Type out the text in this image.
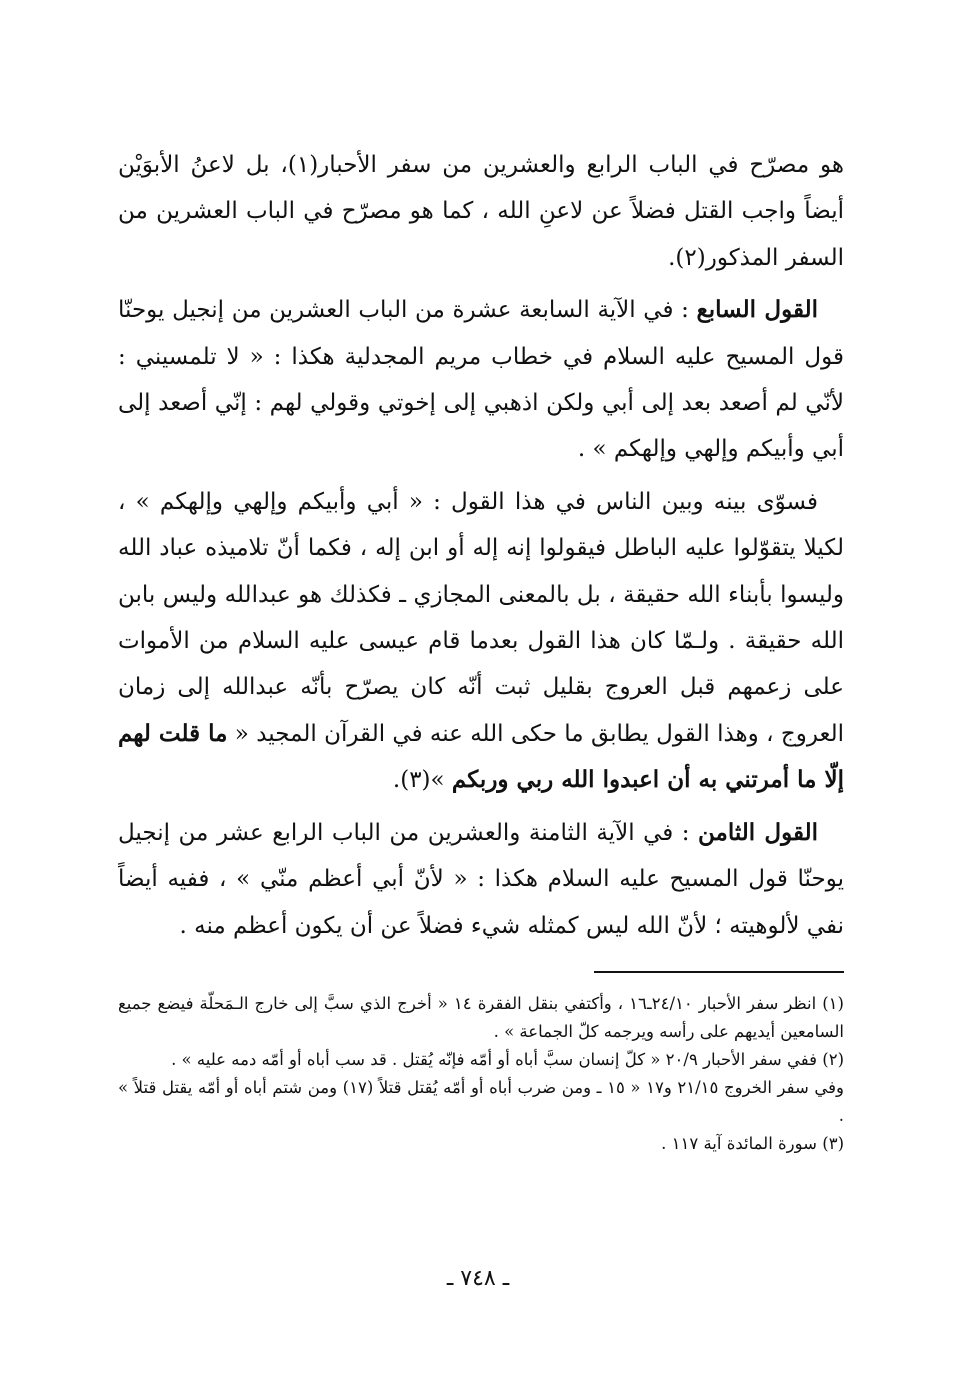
هو مصرّح في الباب الرابع والعشرين من سفر الأحبار(١)، بل لاعنُ الأبوَيْن أيضاً واجب القتل فضلاً عن لاعنِ الله ، كما هو مصرّح في الباب العشرين من السفر المذكور(٢).

القول السابع : في الآية السابعة عشرة من الباب العشرين من إنجيل يوحنّا قول المسيح عليه السلام في خطاب مريم المجدلية هكذا : « لا تلمسيني : لأنّي لم أصعد بعد إلى أبي ولكن اذهبي إلى إخوتي وقولي لهم : إنّي أصعد إلى أبي وأبيكم وإلهي وإلهكم » .

فسوّى بينه وبين الناس في هذا القول : « أبي وأبيكم وإلهي وإلهكم » ، لكيلا يتقوّلوا عليه الباطل فيقولوا إنه إله أو ابن إله ، فكما أنّ تلاميذه عباد الله وليسوا بأبناء الله حقيقة ، بل بالمعنى المجازي ـ فكذلك هو عبدالله وليس بابن الله حقيقة . ولـمّا كان هذا القول بعدما قام عيسى عليه السلام من الأموات على زعمهم قبل العروج بقليل ثبت أنّه كان يصرّح بأنّه عبدالله إلى زمان العروج ، وهذا القول يطابق ما حكى الله عنه في القرآن المجيد « ما قلت لهم إلّا ما أمرتني به أن اعبدوا الله ربي وربكم »(٣).

القول الثامن : في الآية الثامنة والعشرين من الباب الرابع عشر من إنجيل يوحنّا قول المسيح عليه السلام هكذا : « لأنّ أبي أعظم منّي » ، ففيه أيضاً نفي لألوهيته ؛ لأنّ الله ليس كمثله شيء فضلاً عن أن يكون أعظم منه .

(١) انظر سفر الأحبار ٢٤/١٠ـ١٦ ، وأكتفي بنقل الفقرة ١٤ « أخرج الذي سبَّ إلى خارج الـمَحلّة فيضع جميع السامعين أيديهم على رأسه ويرجمه كلّ الجماعة » .

(٢) ففي سفر الأحبار ٢٠/٩ « كلّ إنسان سبَّ أباه أو أمّه فإنّه يُقتل . قد سب أباه أو أمّه دمه عليه » .

وفي سفر الخروج ٢١/١٥ و١٧ « ١٥ ـ ومن ضرب أباه أو أمّه يُقتل قتلاً (١٧) ومن شتم أباه أو أمّه يقتل قتلاً » .

(٣) سورة المائدة آية ١١٧ .

ـ ٧٤٨ ـ
